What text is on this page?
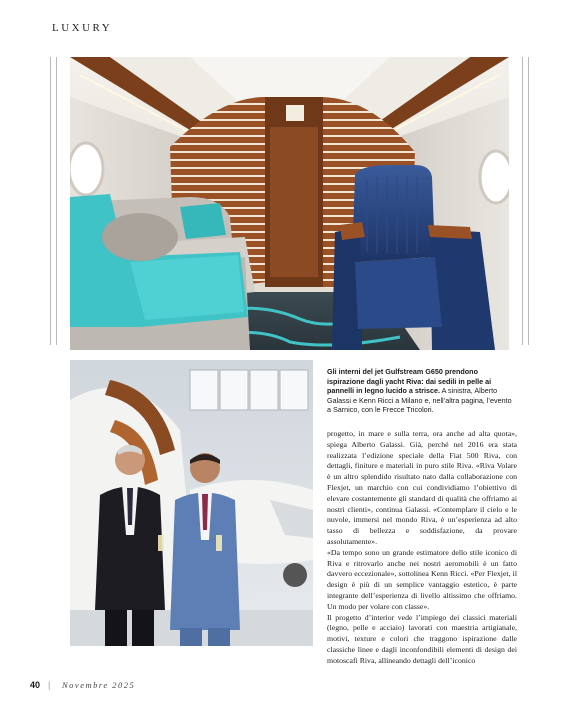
LUXURY
Gli interni del jet Gulfstream G650 prendono ispirazione dagli yacht Riva: dai sedili in pelle ai pannelli in legno lucido a strisce. A sinistra, Alberto Galassi e Kenn Ricci a Milano e, nell’altra pagina, l’evento a Sarnico, con le Frecce Tricolori.

progetto, in mare e sulla terra, ora anche ad alta quota», spiega Alberto Galassi. Già, perché nel 2016 era stata realizzata l’edizione speciale della Fiat 500 Riva, con dettagli, finiture e materiali in puro stile Riva. «Riva Volare è un altro splendido risultato nato dalla collaborazione con Flexjet, un marchio con cui condividiamo l’obiettivo di elevare costantemente gli standard di qualità che offriamo ai nostri clienti», continua Galassi. «Contemplare il cielo e le nuvole, immersi nel mondo Riva, è un’esperienza ad alto tasso di bellezza e soddisfazione, da provare assolutamente».

«Da tempo sono un grande estimatore dello stile iconico di Riva e ritrovarlo anche nei nostri aeromobili è un fatto davvero eccezionale», sottolinea Kenn Ricci. «Per Flexjet, il design è più di un semplice vantaggio estetico, è parte integrante dell’esperienza di livello altissimo che offriamo. Un modo per volare con classe».

Il progetto d’interior vede l’impiego dei classici materiali (legno, pelle e acciaio) lavorati con maestria artigianale, motivi, texture e colori che traggono ispirazione dalle classiche linee e dagli inconfondibili elementi di design dei motoscafi Riva, allineando dettagli dell’iconico

40 | Novembre 2025
